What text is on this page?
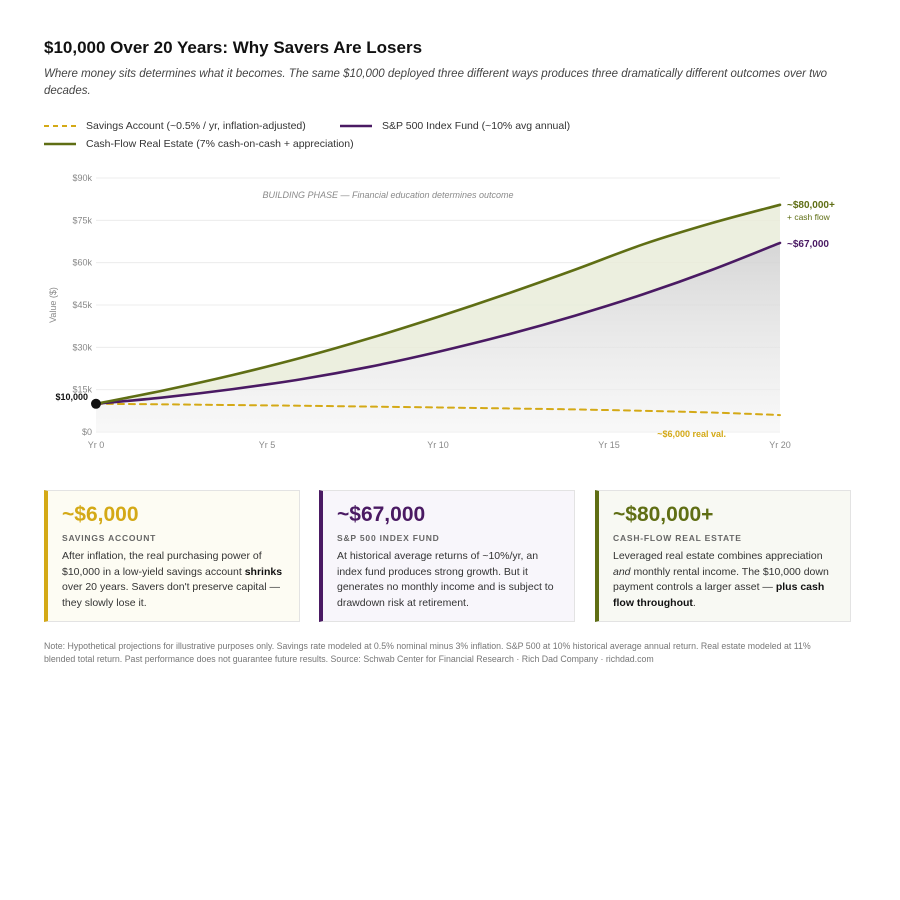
$10,000 Over 20 Years: Why Savers Are Losers

Where money sits determines what it becomes. The same $10,000 deployed three different ways produces three dramatically different outcomes over two decades.

Savings Account (~0.5% / yr, inflation-adjusted)	S&P 500 Index Fund (~10% avg annual)
Cash-Flow Real Estate (7% cash-on-cash + appreciation)
$0
$15k
$30k
$45k
$60k
$75k
$90k
Yr 0	Yr 5	Yr 10	Yr 15	Yr 20
Value ($)
BUILDING PHASE — Financial education determines outcome
$10,000
~$80,000+
+ cash flow
~$67,000
~$6,000 real val.
~$6,000
SAVINGS ACCOUNT
After inflation, the real purchasing power of $10,000 in a low-yield savings account shrinks over 20 years. Savers don't preserve capital — they slowly lose it.
~$67,000
S&P 500 INDEX FUND
At historical average returns of ~10%/yr, an index fund produces strong growth. But it generates no monthly income and is subject to drawdown risk at retirement.
~$80,000+
CASH-FLOW REAL ESTATE
Leveraged real estate combines appreciation and monthly rental income. The $10,000 down payment controls a larger asset — plus cash flow throughout.
Note: Hypothetical projections for illustrative purposes only. Savings rate modeled at 0.5% nominal minus 3% inflation. S&P 500 at 10% historical average annual return. Real estate modeled at 11% blended total return. Past performance does not guarantee future results. Source: Schwab Center for Financial Research · Rich Dad Company · richdad.com
